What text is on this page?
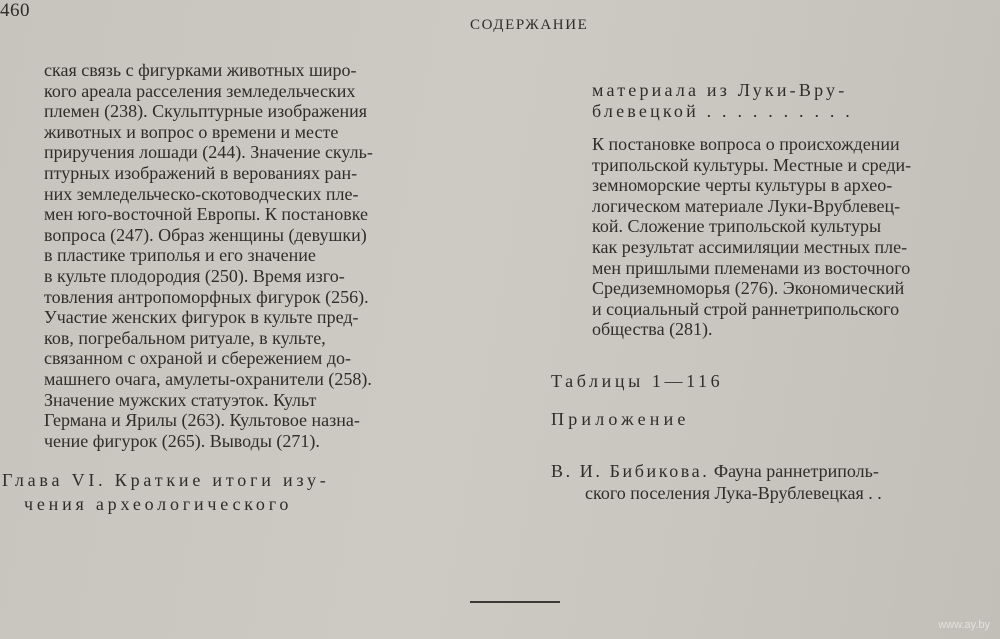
460
СОДЕРЖАНИЕ
ская связь с фигурками животных широ-
кого ареала расселения земледельческих
племен (238). Скульптурные изображения
животных и вопрос о времени и месте
приручения лошади (244). Значение скуль-
птурных изображений в верованиях ран-
них земледельческо-скотоводческих пле-
мен юго-восточной Европы. К постановке
вопроса (247). Образ женщины (девушки)
в пластике триполья и его значение
в культе плодородия (250). Время изго-
товления антропоморфных фигурок (256).
Участие женских фигурок в культе пред-
ков, погребальном ритуале, в культе,
связанном с охраной и сбережением до-
машнего очага, амулеты-охранители (258).
Значение мужских статуэток. Культ
Германа и Ярилы (263). Культовое назна-
чение фигурок (265). Выводы (271).
Глава VI. Краткие итоги изу-
чения археологического
материала из Луки-Вру-
блевецкой . . . . . . . . . .
К постановке вопроса о происхождении
трипольской культуры. Местные и среди-
земноморские черты культуры в архео-
логическом материале Луки-Врублевец-
кой. Сложение трипольской культуры
как результат ассимиляции местных пле-
мен пришлыми племенами из восточного
Средиземноморья (276). Экономический
и социальный строй раннетрипольского
общества (281).
Таблицы 1—116
Приложение
В. И. Бибикова. Фауна раннетриполь-
ского поселения Лука-Врублевецкая . .
www.ay.by
